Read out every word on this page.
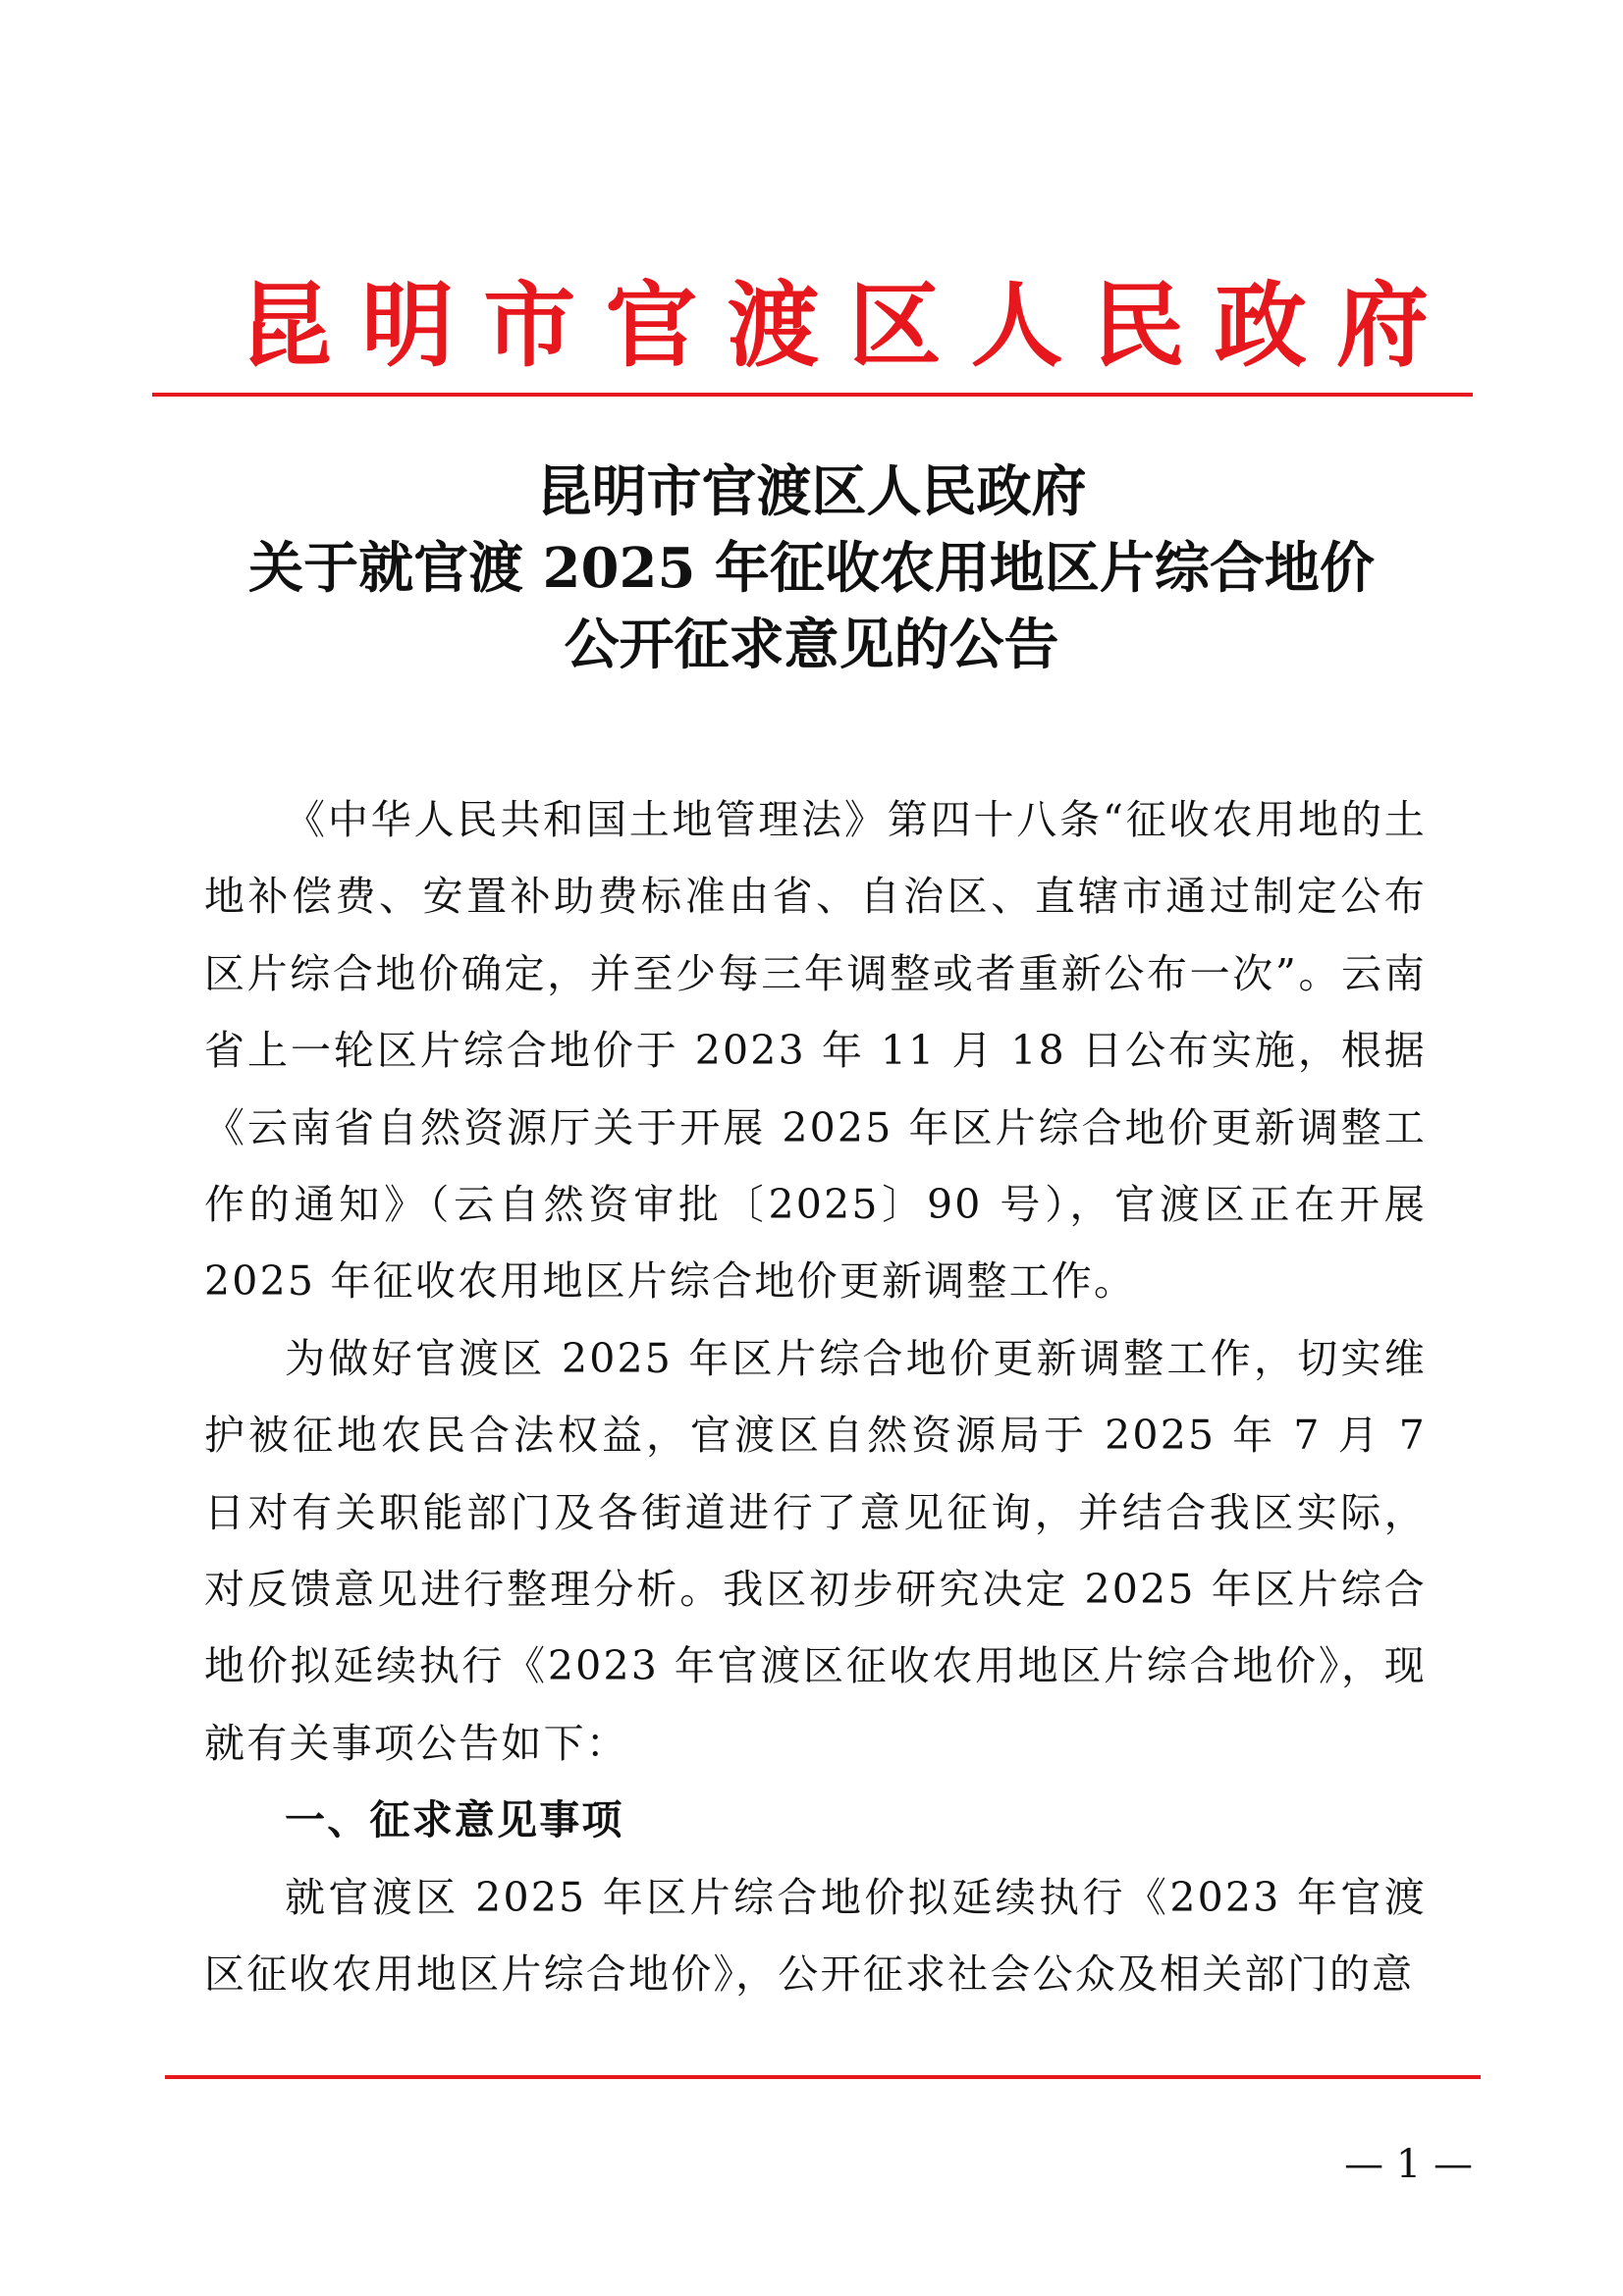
昆 明 市 官 渡 区 人 民 政 府
昆明市官渡区人民政府
关于就官渡 2025 年征收农用地区片综合地价
公开征求意见的公告

《中华人民共和国土地管理法》第四十八条“征收农用地的土地补偿费、安置补助费标准由省、自治区、直辖市通过制定公布区片综合地价确定，并至少每三年调整或者重新公布一次”。云南省上一轮区片综合地价于 2023 年 11 月 18 日公布实施，根据《云南省自然资源厅关于开展 2025 年区片综合地价更新调整工作的通知》（云自然资审批〔2025〕90 号），官渡区正在开展 2025 年征收农用地区片综合地价更新调整工作。

为做好官渡区 2025 年区片综合地价更新调整工作，切实维护被征地农民合法权益，官渡区自然资源局于 2025 年 7 月 7 日对有关职能部门及各街道进行了意见征询，并结合我区实际，对反馈意见进行整理分析。我区初步研究决定 2025 年区片综合地价拟延续执行《2023 年官渡区征收农用地区片综合地价》，现就有关事项公告如下：

一、征求意见事项

就官渡区 2025 年区片综合地价拟延续执行《2023 年官渡区征收农用地区片综合地价》，公开征求社会公众及相关部门的意

— 1 —
